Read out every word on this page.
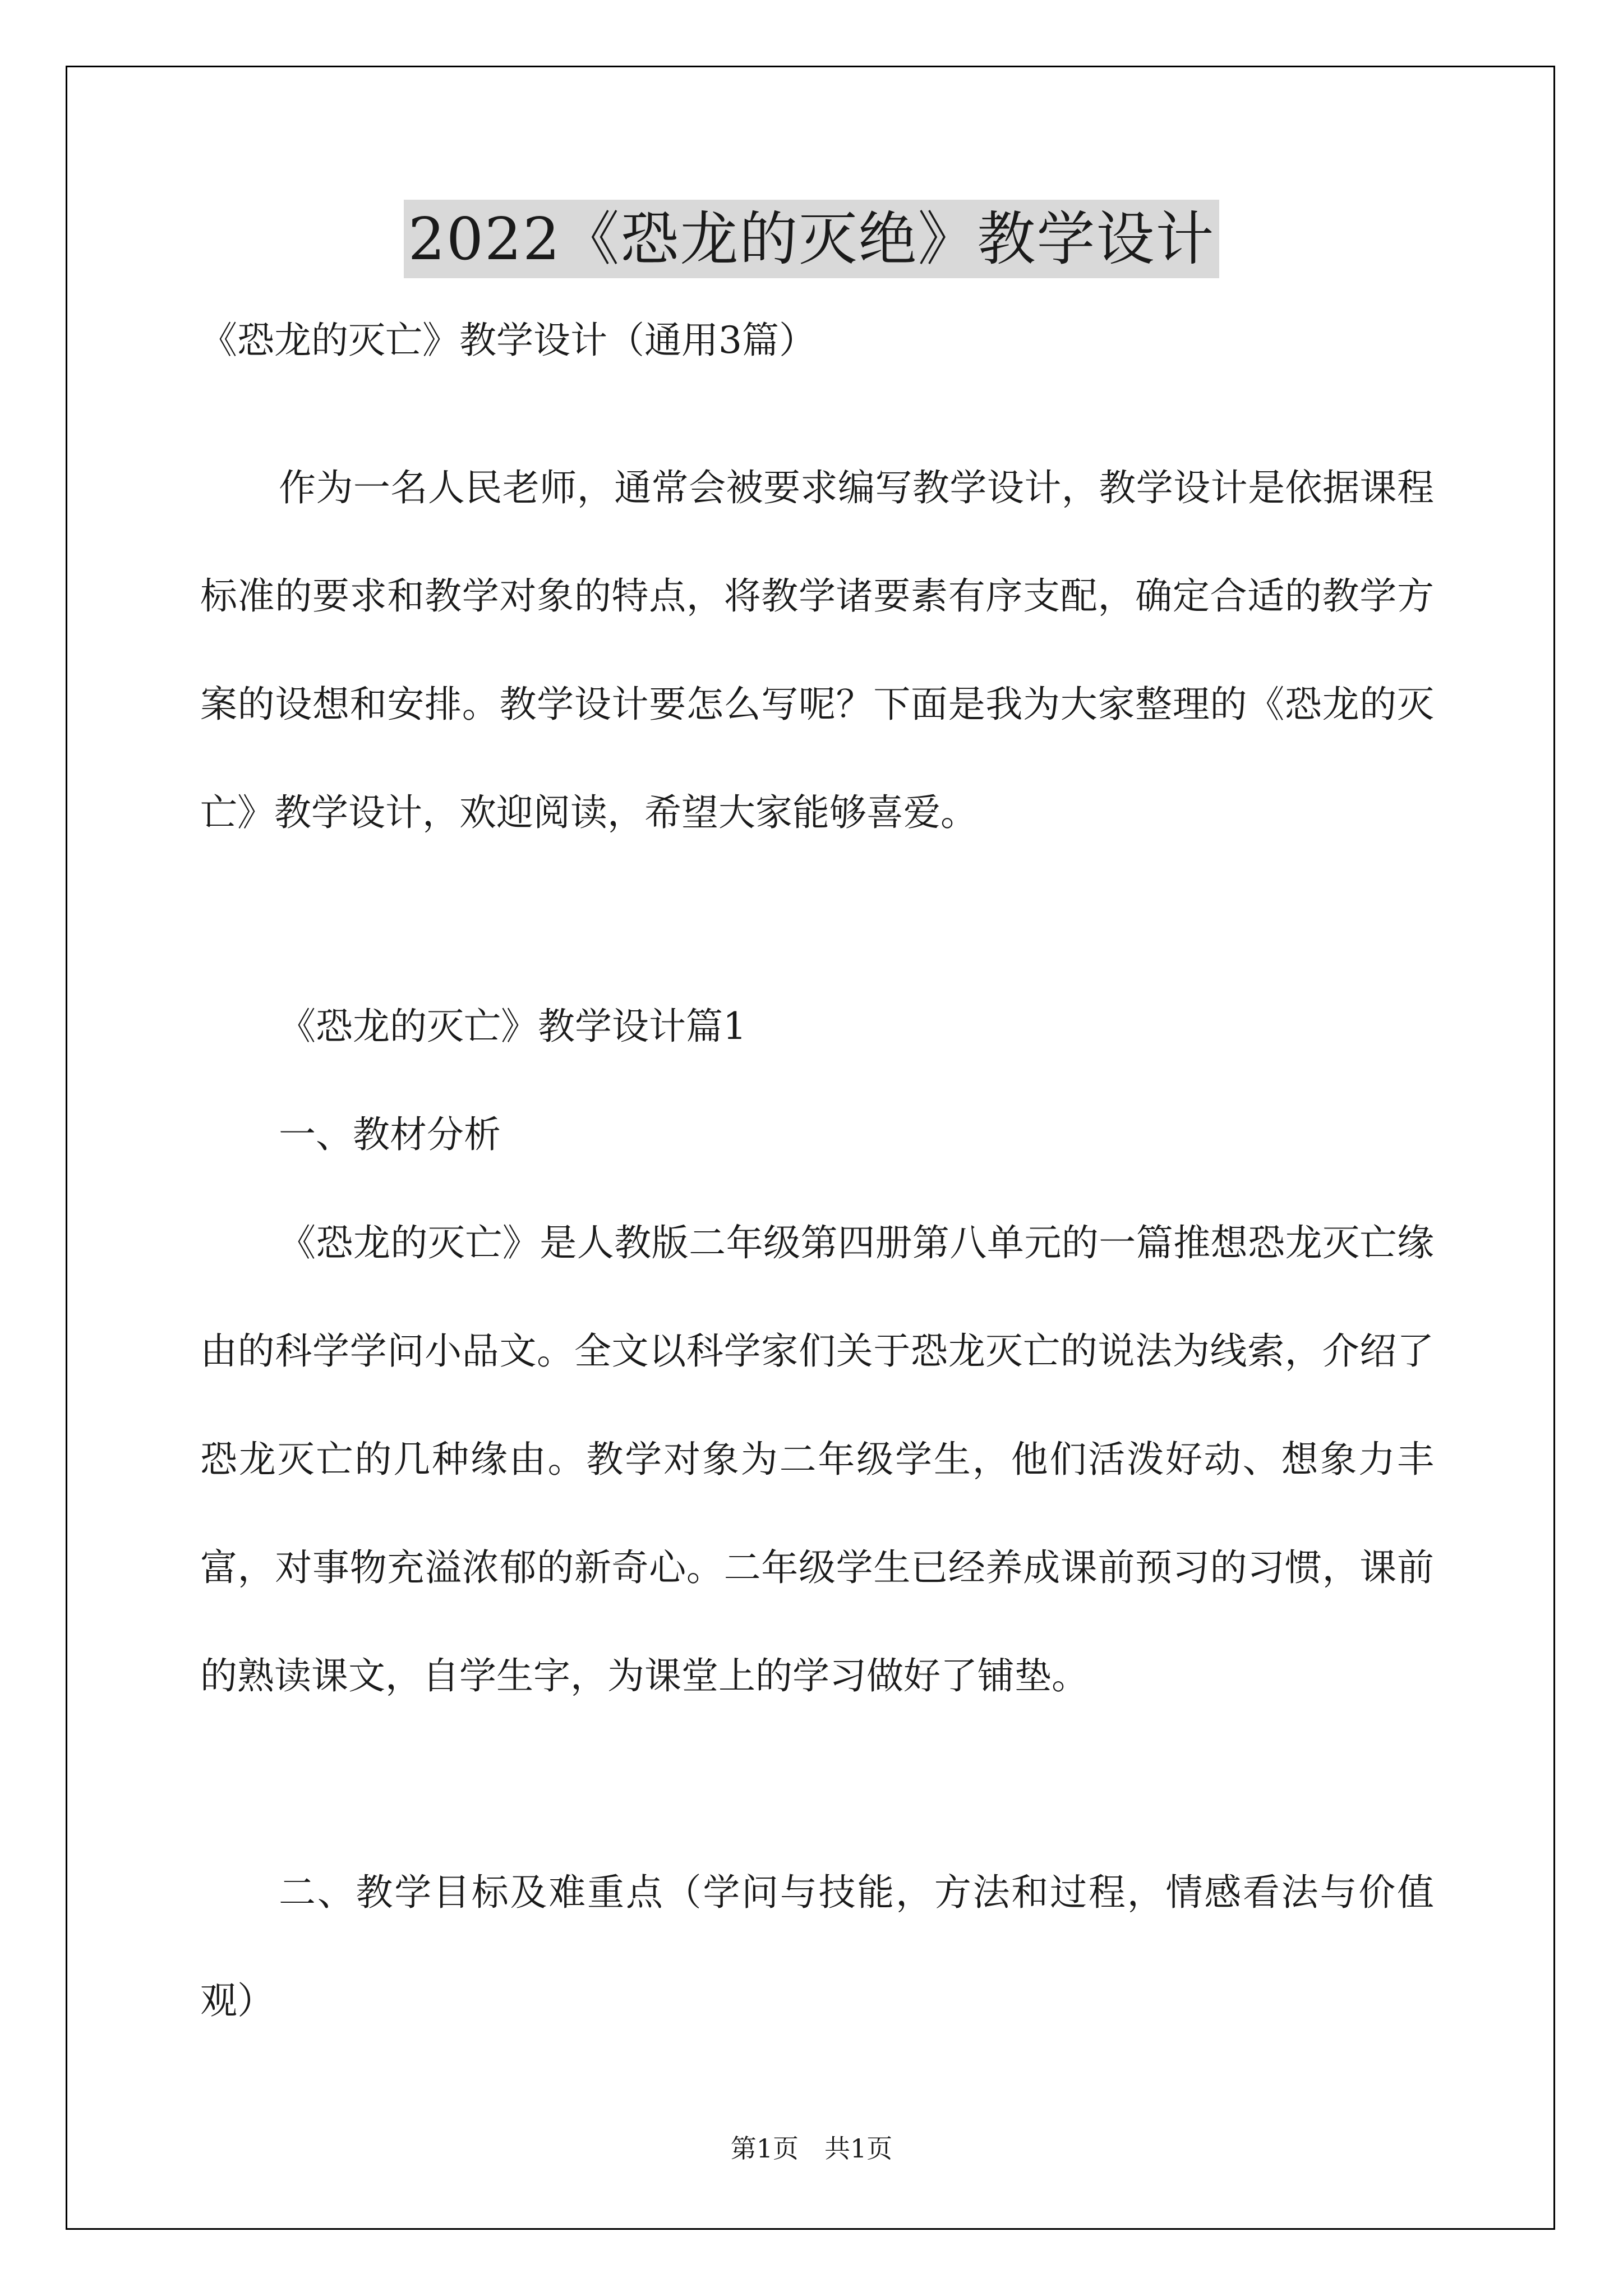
2022《恐龙的灭绝》教学设计

《恐龙的灭亡》教学设计（通用3篇）

作为一名人民老师，通常会被要求编写教学设计，教学设计是依据课程标准的要求和教学对象的特点，将教学诸要素有序支配，确定合适的教学方案的设想和安排。教学设计要怎么写呢？下面是我为大家整理的《恐龙的灭亡》教学设计，欢迎阅读，希望大家能够喜爱。

《恐龙的灭亡》教学设计篇1

一、教材分析

《恐龙的灭亡》是人教版二年级第四册第八单元的一篇推想恐龙灭亡缘由的科学学问小品文。全文以科学家们关于恐龙灭亡的说法为线索，介绍了恐龙灭亡的几种缘由。教学对象为二年级学生，他们活泼好动、想象力丰富，对事物充溢浓郁的新奇心。二年级学生已经养成课前预习的习惯，课前的熟读课文，自学生字，为课堂上的学习做好了铺垫。

二、教学目标及难重点（学问与技能，方法和过程，情感看法与价值观）

第1页　共1页
